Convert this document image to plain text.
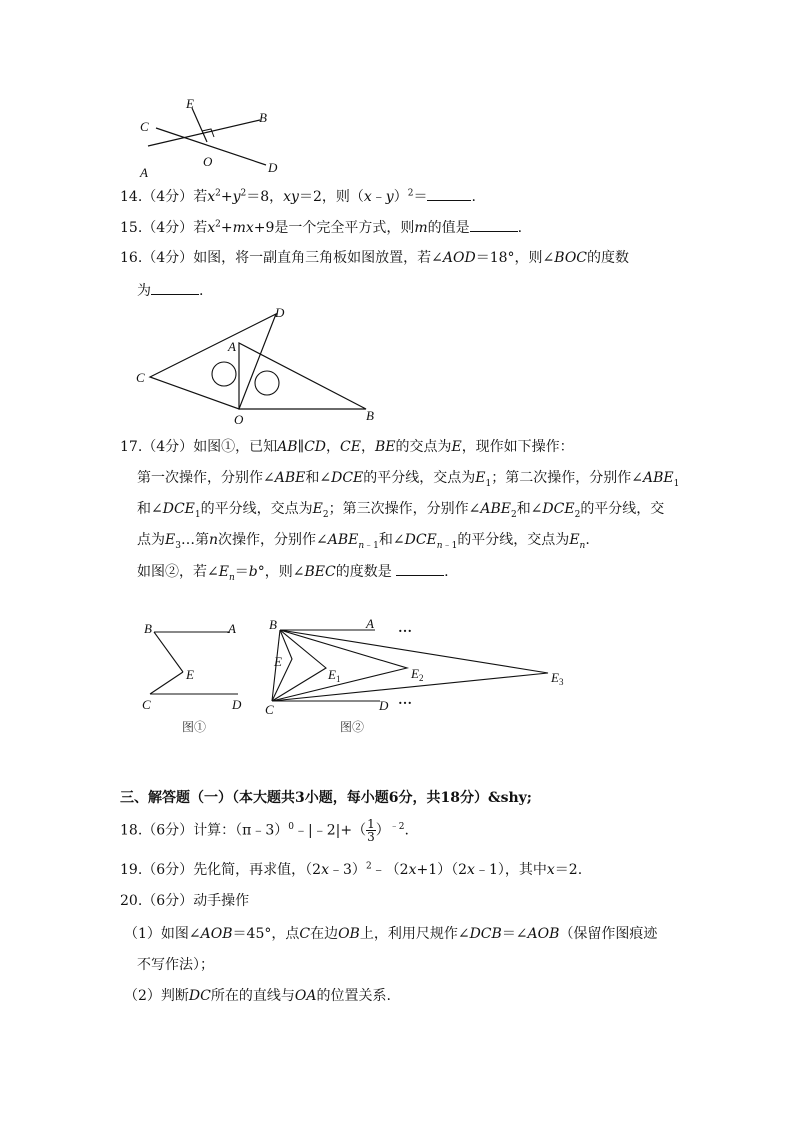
C
E
B
A
O	D
14.（4分）若$x^2+y^2=8$，xy＝2，则（x﹣y）$^2$＝	.
15.（4分）若$x^2+mx+9$是一个完全平方式，则m的值是	.
16.（4分）如图，将一副直角三角板如图放置，若∠AOD＝18°，则∠BOC的度数
为	.
D
A
C
O	B
17.（4分）如图①，已知AB∥CD，CE，BE的交点为E，现作如下操作：
第一次操作，分别作∠ABE和∠DCE的平分线，交点为$E_1$；第二次操作，分别作$\angle ABE_1$
和$\angle DCE_1$的平分线，交点为$E_2$；第三次操作，分别作$\angle ABE_2$和$\angle DCE_2$的平分线，交
点为$E_3\dots$第n次操作，分别作$\angle ABE_{n﹣1}$和$\angle DCE_{n﹣1}$的平分线，交点为$E_n$.
如图②，若$\angle E_n=b^\circ$，则∠BEC的度数是	.
B	A
E
C	D
图①
B	A
E
$E_1$	$E_2$	$E_3$
C	D
…
…
图②
三、解答题（一）（本大题共3小题，每小题6分，共18分）&shy;
18.（6分）计算：（π﹣3）$^0$﹣|﹣2|+（ $\frac{1}{3} )^{﹣2}$.
19.（6分）先化简，再求值，（2x﹣3）$^2$﹣（2x+1）（2x﹣1），其中x＝2.
20.（6分）动手操作
（1）如图∠AOB＝45°，点C在边OB上，利用尺规作∠DCB＝∠AOB（保留作图痕迹
不写作法）；
（2）判断DC所在的直线与OA的位置关系.
